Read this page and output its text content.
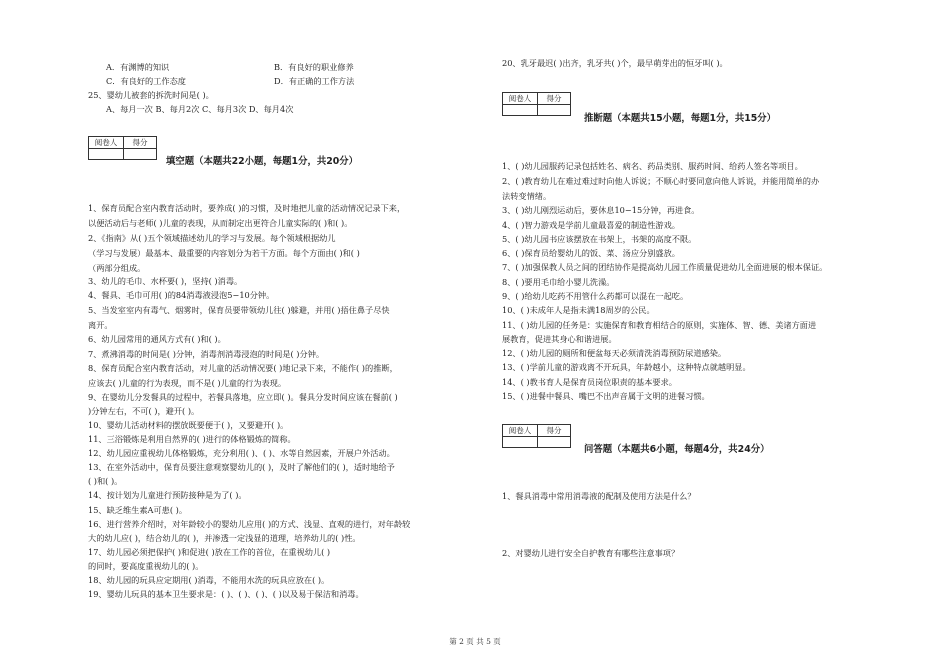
A．有渊博的知识	B．有良好的职业修养
C．有良好的工作态度	D．有正确的工作方法
25、婴幼儿被套的拆洗时间是( )。
A、每月一次 B、每月2次 C、每月3次 D、每月4次
阅卷人	得分

填空题（本题共22小题，每题1分，共20分）
1、保育员配合室内教育活动时，要养成( )的习惯，及时地把儿童的活动情况记录下来，
以便活动后与老师( )儿童的表现，从而制定出更符合儿童实际的( )和( )。
2、《指南》从( )五个领域描述幼儿的学习与发展。每个领域根据幼儿
（学习与发展）最基本、最重要的内容划分为若干方面。每个方面由( )和( )
（两部分组成。
3、幼儿的毛巾、水杯要( )，坚持( )消毒。
4、餐具、毛巾可用( )的84消毒液浸泡5−10分钟。
5、当发室室内有毒气、烟雾时，保育员要带领幼儿往( )躲避，并用( )捂住鼻子尽快
离开。
6、幼儿园常用的通风方式有( )和( )。
7、煮沸消毒的时间是( )分钟，消毒剂消毒浸泡的时间是( )分钟。
8、保育员配合室内教育活动，对儿童的活动情况要( )地记录下来，不能作( )的推断，
应该去( )儿童的行为表现，而不是( )儿童的行为表现。
9、在婴幼儿分发餐具的过程中，若餐具落地，应立即( )。餐具分发时间应该在餐前( )
)分钟左右，不可( )，避开( )。
10、婴幼儿活动材料的摆放既要便于( )，又要避开( )。
11、三浴锻炼是利用自然界的( )进行的体格锻炼的简称。
12、幼儿园应重视幼儿体格锻炼，充分利用( )、( )、水等自然因素，开展户外活动。
13、在室外活动中，保育员要注意观察婴幼儿的( )，及时了解他们的( )，适时地给予
( )和( )。
14、按计划为儿童进行预防接种是为了( )。
15、缺乏维生素A可患( )。
16、进行营养介绍时，对年龄较小的婴幼儿应用( )的方式、浅显、直观的进行，对年龄较
大的幼儿应( )，结合幼儿的( )，并渗透一定浅显的道理，培养幼儿的( )性。
17、幼儿园必须把保护( )和促进( )放在工作的首位，在重视幼儿( )
的同时，要高度重视幼儿的( )。
18、幼儿园的玩具应定期用( )消毒，不能用水洗的玩具应放在( )。
19、婴幼儿玩具的基本卫生要求是：( )、( )、( )、( )以及易于保洁和消毒。
20、乳牙最迟( )出齐，乳牙共( )个，最早萌芽出的恒牙叫( )。
阅卷人	得分

推断题（本题共15小题，每题1分，共15分）
1、( )幼儿园服药记录包括姓名、病名、药品类别、服药时间、给药人签名等项目。
2、( )教育幼儿在难过难过时向他人诉说；不顺心时要同意向他人诉说，并能用简单的办
法转变情绪。
3、( )幼儿刚烈运动后，要休息10−15分钟，再进食。
4、( )智力游戏是学前儿童最喜爱的制造性游戏。
5、( )幼儿园书应该摆放在书架上，书架的高度不限。
6、( )保育员给婴幼儿的饭、菜、汤应分别盛放。
7、( )加强保教人员之间的团结协作是提高幼儿园工作质量促进幼儿全面进展的根本保证。
8、( )要用毛巾给小婴儿洗澡。
9、( )给幼儿吃药不用管什么药都可以混在一起吃。
10、( )未成年人是指未满18周岁的公民。
11、( )幼儿园的任务是：实施保育和教育相结合的原则，实施体、智、德、美诸方面进
展教育，促进其身心和谐进展。
12、( )幼儿园的厕所和便盆每天必须清洗消毒预防尿道感染。
13、( )学前儿童的游戏离不开玩具，年龄越小，这种特点就越明显。
14、( )教书育人是保育员岗位职责的基本要求。
15、( )进餐中餐具、嘴巴不出声音属于文明的进餐习惯。
阅卷人	得分

问答题（本题共6小题，每题4分，共24分）
1、餐具消毒中常用消毒液的配制及使用方法是什么？
2、对婴幼儿进行安全自护教育有哪些注意事项？
第 2 页 共 5 页
